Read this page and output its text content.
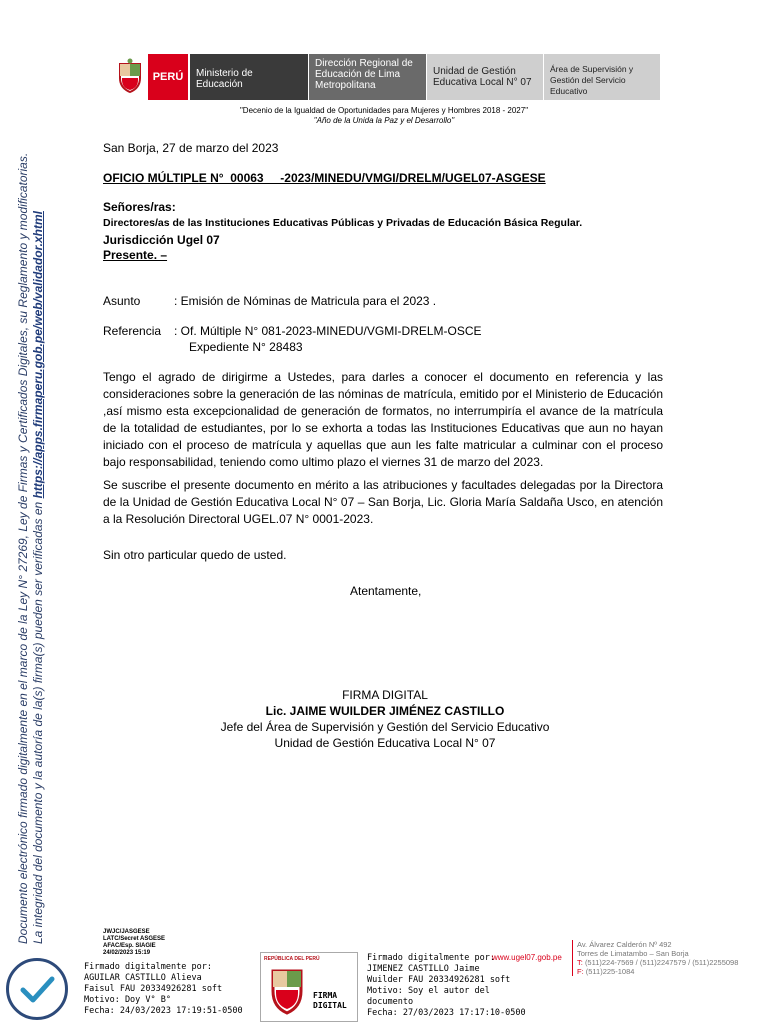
PERÚ	Ministerio de Educación
Dirección Regional de Educación de Lima Metropolitana
Unidad de Gestión Educativa Local N° 07
Área de Supervisión y Gestión del Servicio Educativo
"Decenio de la Igualdad de Oportunidades para Mujeres y Hombres 2018 - 2027"
"Año de la Unida la Paz y el Desarrollo"
Documento electrónico firmado digitalmente en el marco de la Ley N° 27269, Ley de Firmas y Certificados Digitales, su Reglamento y modificatorias. La integridad del documento y la autoría de la(s) firma(s) pueden ser verificadas en https://apps.firmaperu.gob.pe/web/validador.xhtml
San Borja, 27 de marzo del 2023
OFICIO MÚLTIPLE N°  00063     -2023/MINEDU/VMGI/DRELM/UGEL07-ASGESE
Señores/ras:
Directores/as de las Instituciones Educativas Públicas y Privadas de Educación Básica Regular.
Jurisdicción Ugel 07
Presente. –
Asunto	: Emisión de Nóminas de Matricula para el 2023 .
Referencia : Of. Múltiple N° 081-2023-MINEDU/VGMI-DRELM-OSCE
Expediente N° 28483
Tengo el agrado de dirigirme a Ustedes, para darles a conocer el documento en referencia y las consideraciones sobre la generación de las nóminas de matrícula, emitido por el Ministerio de Educación ,así mismo esta excepcionalidad de generación de formatos, no interrumpiría el avance de la matrícula de la totalidad de estudiantes, por lo se exhorta a todas las Instituciones Educativas que aun no hayan iniciado con el proceso de matrícula y aquellas que aun les falte matricular a culminar con el proceso bajo responsabilidad, teniendo como ultimo plazo el viernes 31 de marzo del 2023.
Se suscribe el presente documento en mérito a las atribuciones y facultades delegadas por la Directora de la Unidad de Gestión Educativa Local N° 07 – San Borja, Lic. Gloria María Saldaña Usco, en atención a la Resolución Directoral UGEL.07 N° 0001-2023.
Sin otro particular quedo de usted.
Atentamente,
FIRMA DIGITAL
Lic. JAIME WUILDER JIMÉNEZ CASTILLO
Jefe del Área de Supervisión y Gestión del Servicio Educativo
Unidad de Gestión Educativa Local N° 07
JWJC/JASGESE
LATC/Secret ASGESE
AFAC/Esp. SIAGIE
24/02/2023 15:19
Firmado digitalmente por:
AGUILAR CASTILLO Alieva
Faisul FAU 20334926281 soft
Motivo: Doy V° B°
Fecha: 24/03/2023 17:19:51-0500
REPÚBLICA DEL PERÚ
FIRMA DIGITAL
Firmado digitalmente por:
JIMENEZ CASTILLO Jaime
Wuilder FAU 20334926281 soft
Motivo: Soy el autor del
documento
Fecha: 27/03/2023 17:17:10-0500
www.ugel07.gob.pe
Av. Álvarez Calderón Nº 492
Torres de Limatambo – San Borja
T: (511)224-7569 / (511)2247579 / (511)2255098
F: (511)225-1084
